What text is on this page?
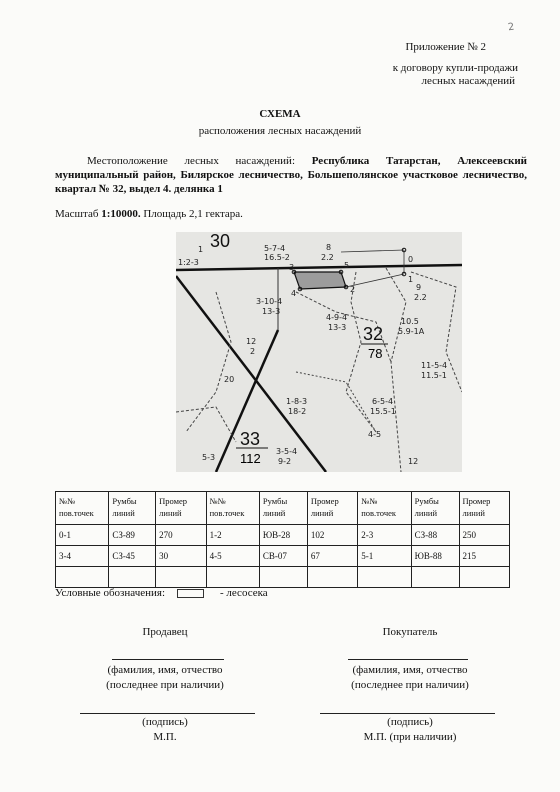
2
Приложение № 2
к договору купли-продажи
лесных насаждений
СХЕМА
расположения лесных насаждений
Местоположение лесных насаждений: Республика Татарстан, Алексеевский муниципальный район, Билярское лесничество, Большеполянское участковое лесничество, квартал № 32, выдел 4. делянка 1
Масштаб 1:10000. Площадь 2,1 гектара.
30
32
78
33
112
1
1:2-3
5-7-4
16.5-2
8
2.2
9
2.2
3-10-4
13-3
4-9-4
13-3
10.5
5.9-1А
11-5-4
11.5-1
12
2
20
1-8-3
18-2
6-5-4
15.5-1
4-5
3-5-4
9-2
5-3	12
0
1
2
3
4
5
№№ пов.точек	Румбы линий	Промер линий	№№ пов.точек	Румбы линий	Промер линий	№№ пов.точек	Румбы линий	Промер линий
0-1	СЗ-89	270	1-2	ЮВ-28	102	2-3	СЗ-88	250
3-4	СЗ-45	30	4-5	СВ-07	67	5-1	ЮВ-88	215

Условные обозначения:	- лесосека
Продавец
(фамилия, имя, отчество
(последнее при наличии)
(подпись)
М.П.
Покупатель
(фамилия, имя, отчество
(последнее при наличии)
(подпись)
М.П. (при наличии)
